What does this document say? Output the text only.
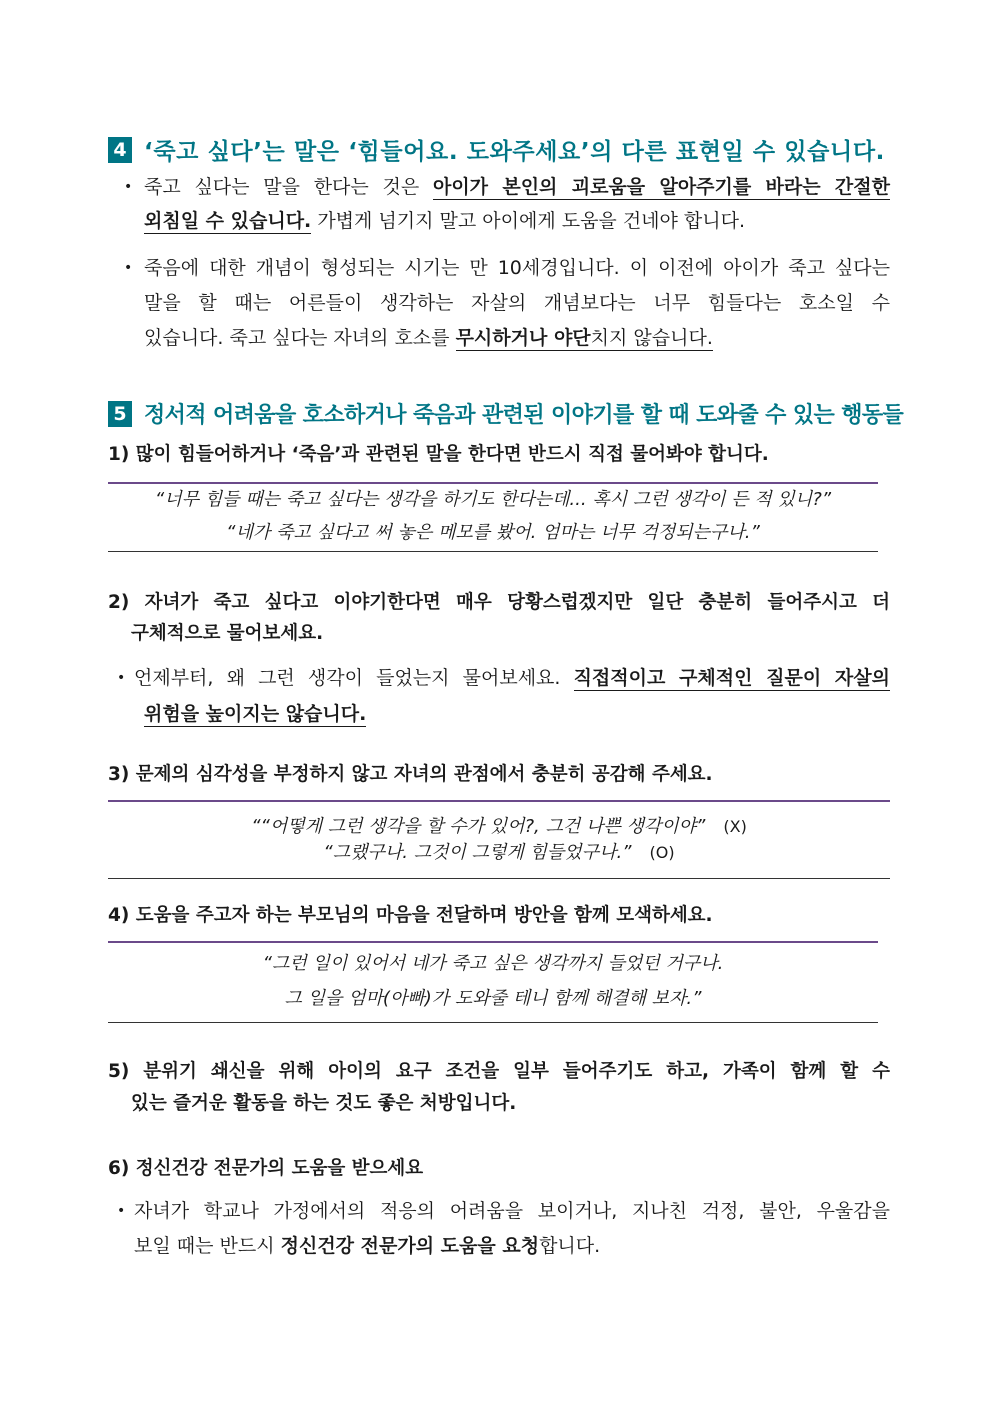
4 ‘죽고 싶다’는 말은 ‘힘들어요. 도와주세요’의 다른 표현일 수 있습니다.
• 죽고 싶다는 말을 한다는 것은 아이가 본인의 괴로움을 알아주기를 바라는 간절한
외침일 수 있습니다. 가볍게 넘기지 말고 아이에게 도움을 건네야 합니다.
• 죽음에 대한 개념이 형성되는 시기는 만 10세경입니다. 이 이전에 아이가 죽고 싶다는
말을 할 때는 어른들이 생각하는 자살의 개념보다는 너무 힘들다는 호소일 수
있습니다. 죽고 싶다는 자녀의 호소를 무시하거나 야단치지 않습니다.
5 정서적 어려움을 호소하거나 죽음과 관련된 이야기를 할 때 도와줄 수 있는 행동들
1) 많이 힘들어하거나 ‘죽음’과 관련된 말을 한다면 반드시 직접 물어봐야 합니다.
“너무 힘들 때는 죽고 싶다는 생각을 하기도 한다는데... 혹시 그런 생각이 든 적 있니?”
“네가 죽고 싶다고 써 놓은 메모를 봤어. 엄마는 너무 걱정되는구나.”
2) 자녀가 죽고 싶다고 이야기한다면 매우 당황스럽겠지만 일단 충분히 들어주시고 더
구체적으로 물어보세요.
• 언제부터, 왜 그런 생각이 들었는지 물어보세요. 직접적이고 구체적인 질문이 자살의
위험을 높이지는 않습니다.
3) 문제의 심각성을 부정하지 않고 자녀의 관점에서 충분히 공감해 주세요.
““어떻게 그런 생각을 할 수가 있어?, 그건 나쁜 생각이야” (X)
“그랬구나. 그것이 그렇게 힘들었구나.” (O)
4) 도움을 주고자 하는 부모님의 마음을 전달하며 방안을 함께 모색하세요.
“그런 일이 있어서 네가 죽고 싶은 생각까지 들었던 거구나.
그 일을 엄마(아빠)가 도와줄 테니 함께 해결해 보자.”
5) 분위기 쇄신을 위해 아이의 요구 조건을 일부 들어주기도 하고, 가족이 함께 할 수
있는 즐거운 활동을 하는 것도 좋은 처방입니다.
6) 정신건강 전문가의 도움을 받으세요
• 자녀가 학교나 가정에서의 적응의 어려움을 보이거나, 지나친 걱정, 불안, 우울감을
보일 때는 반드시 정신건강 전문가의 도움을 요청합니다.
